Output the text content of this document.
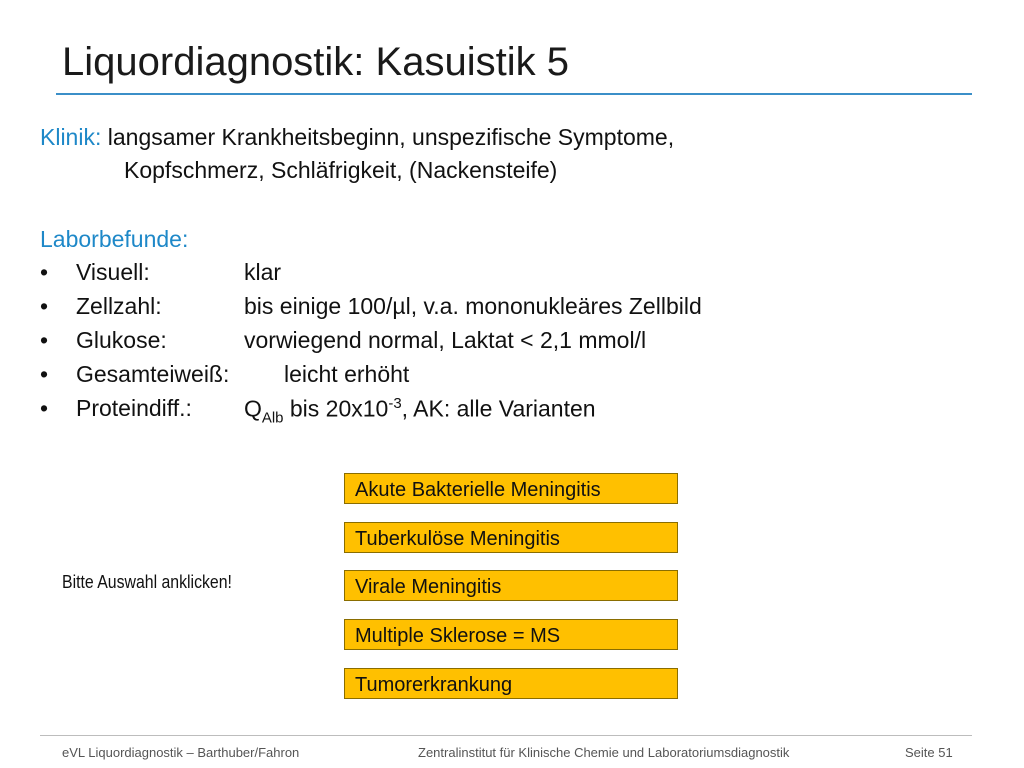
Liquordiagnostik: Kasuistik 5
Klinik: langsamer Krankheitsbeginn, unspezifische Symptome,
Kopfschmerz, Schläfrigkeit, (Nackensteife)
Laborbefunde:
• Visuell:	klar
• Zellzahl:	bis einige 100/µl, v.a. mononukleäres Zellbild
• Glukose:	vorwiegend normal, Laktat < 2,1 mmol/l
• Gesamteiweiß: leicht erhöht
• Proteindiff.: $Q_{Alb}$ bis $20x10^{-3}$, AK: alle Varianten
Akute Bakterielle Meningitis
Tuberkulöse Meningitis
Virale Meningitis
Multiple Sklerose = MS
Tumorerkrankung
Bitte Auswahl anklicken!
eVL Liquordiagnostik – Barthuber/Fahron	Zentralinstitut für Klinische Chemie und Laboratoriumsdiagnostik	Seite 51
